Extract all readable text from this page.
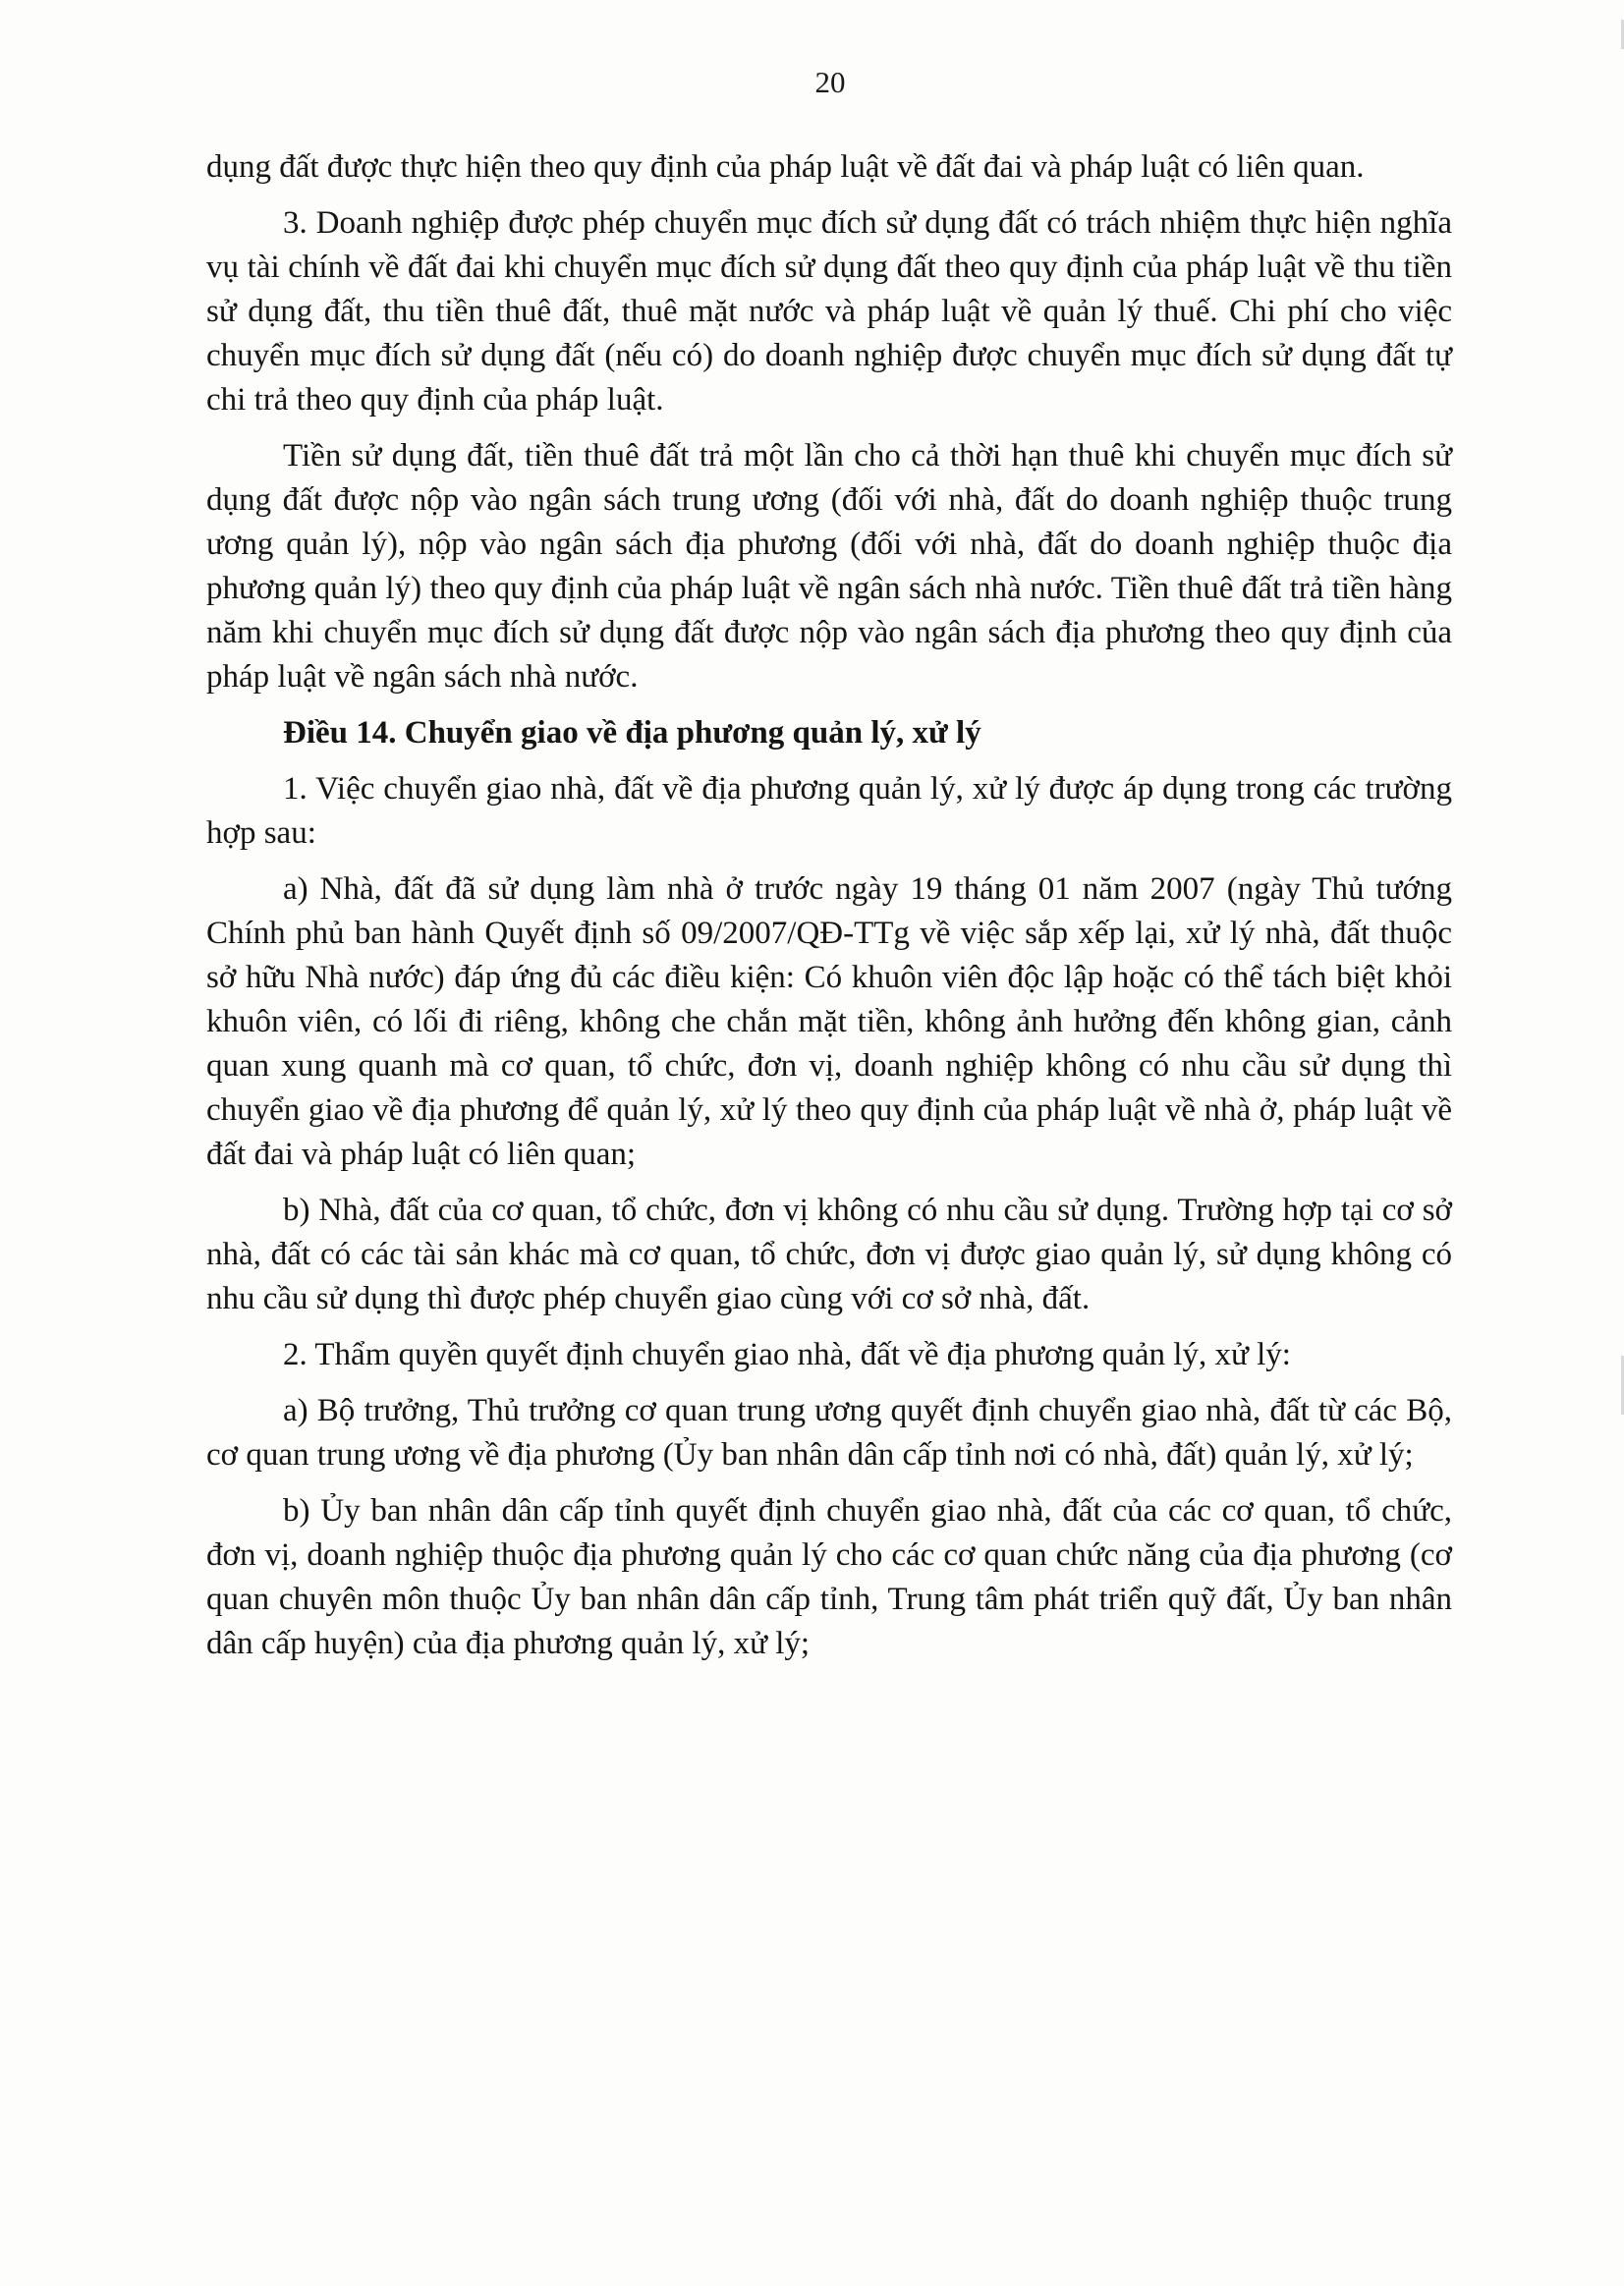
20

dụng đất được thực hiện theo quy định của pháp luật về đất đai và pháp luật có liên quan.

3. Doanh nghiệp được phép chuyển mục đích sử dụng đất có trách nhiệm thực hiện nghĩa vụ tài chính về đất đai khi chuyển mục đích sử dụng đất theo quy định của pháp luật về thu tiền sử dụng đất, thu tiền thuê đất, thuê mặt nước và pháp luật về quản lý thuế. Chi phí cho việc chuyển mục đích sử dụng đất (nếu có) do doanh nghiệp được chuyển mục đích sử dụng đất tự chi trả theo quy định của pháp luật.

Tiền sử dụng đất, tiền thuê đất trả một lần cho cả thời hạn thuê khi chuyển mục đích sử dụng đất được nộp vào ngân sách trung ương (đối với nhà, đất do doanh nghiệp thuộc trung ương quản lý), nộp vào ngân sách địa phương (đối với nhà, đất do doanh nghiệp thuộc địa phương quản lý) theo quy định của pháp luật về ngân sách nhà nước. Tiền thuê đất trả tiền hàng năm khi chuyển mục đích sử dụng đất được nộp vào ngân sách địa phương theo quy định của pháp luật về ngân sách nhà nước.

Điều 14. Chuyển giao về địa phương quản lý, xử lý

1. Việc chuyển giao nhà, đất về địa phương quản lý, xử lý được áp dụng trong các trường hợp sau:

a) Nhà, đất đã sử dụng làm nhà ở trước ngày 19 tháng 01 năm 2007 (ngày Thủ tướng Chính phủ ban hành Quyết định số 09/2007/QĐ-TTg về việc sắp xếp lại, xử lý nhà, đất thuộc sở hữu Nhà nước) đáp ứng đủ các điều kiện: Có khuôn viên độc lập hoặc có thể tách biệt khỏi khuôn viên, có lối đi riêng, không che chắn mặt tiền, không ảnh hưởng đến không gian, cảnh quan xung quanh mà cơ quan, tổ chức, đơn vị, doanh nghiệp không có nhu cầu sử dụng thì chuyển giao về địa phương để quản lý, xử lý theo quy định của pháp luật về nhà ở, pháp luật về đất đai và pháp luật có liên quan;

b) Nhà, đất của cơ quan, tổ chức, đơn vị không có nhu cầu sử dụng. Trường hợp tại cơ sở nhà, đất có các tài sản khác mà cơ quan, tổ chức, đơn vị được giao quản lý, sử dụng không có nhu cầu sử dụng thì được phép chuyển giao cùng với cơ sở nhà, đất.

2. Thẩm quyền quyết định chuyển giao nhà, đất về địa phương quản lý, xử lý:

a) Bộ trưởng, Thủ trưởng cơ quan trung ương quyết định chuyển giao nhà, đất từ các Bộ, cơ quan trung ương về địa phương (Ủy ban nhân dân cấp tỉnh nơi có nhà, đất) quản lý, xử lý;

b) Ủy ban nhân dân cấp tỉnh quyết định chuyển giao nhà, đất của các cơ quan, tổ chức, đơn vị, doanh nghiệp thuộc địa phương quản lý cho các cơ quan chức năng của địa phương (cơ quan chuyên môn thuộc Ủy ban nhân dân cấp tỉnh, Trung tâm phát triển quỹ đất, Ủy ban nhân dân cấp huyện) của địa phương quản lý, xử lý;
